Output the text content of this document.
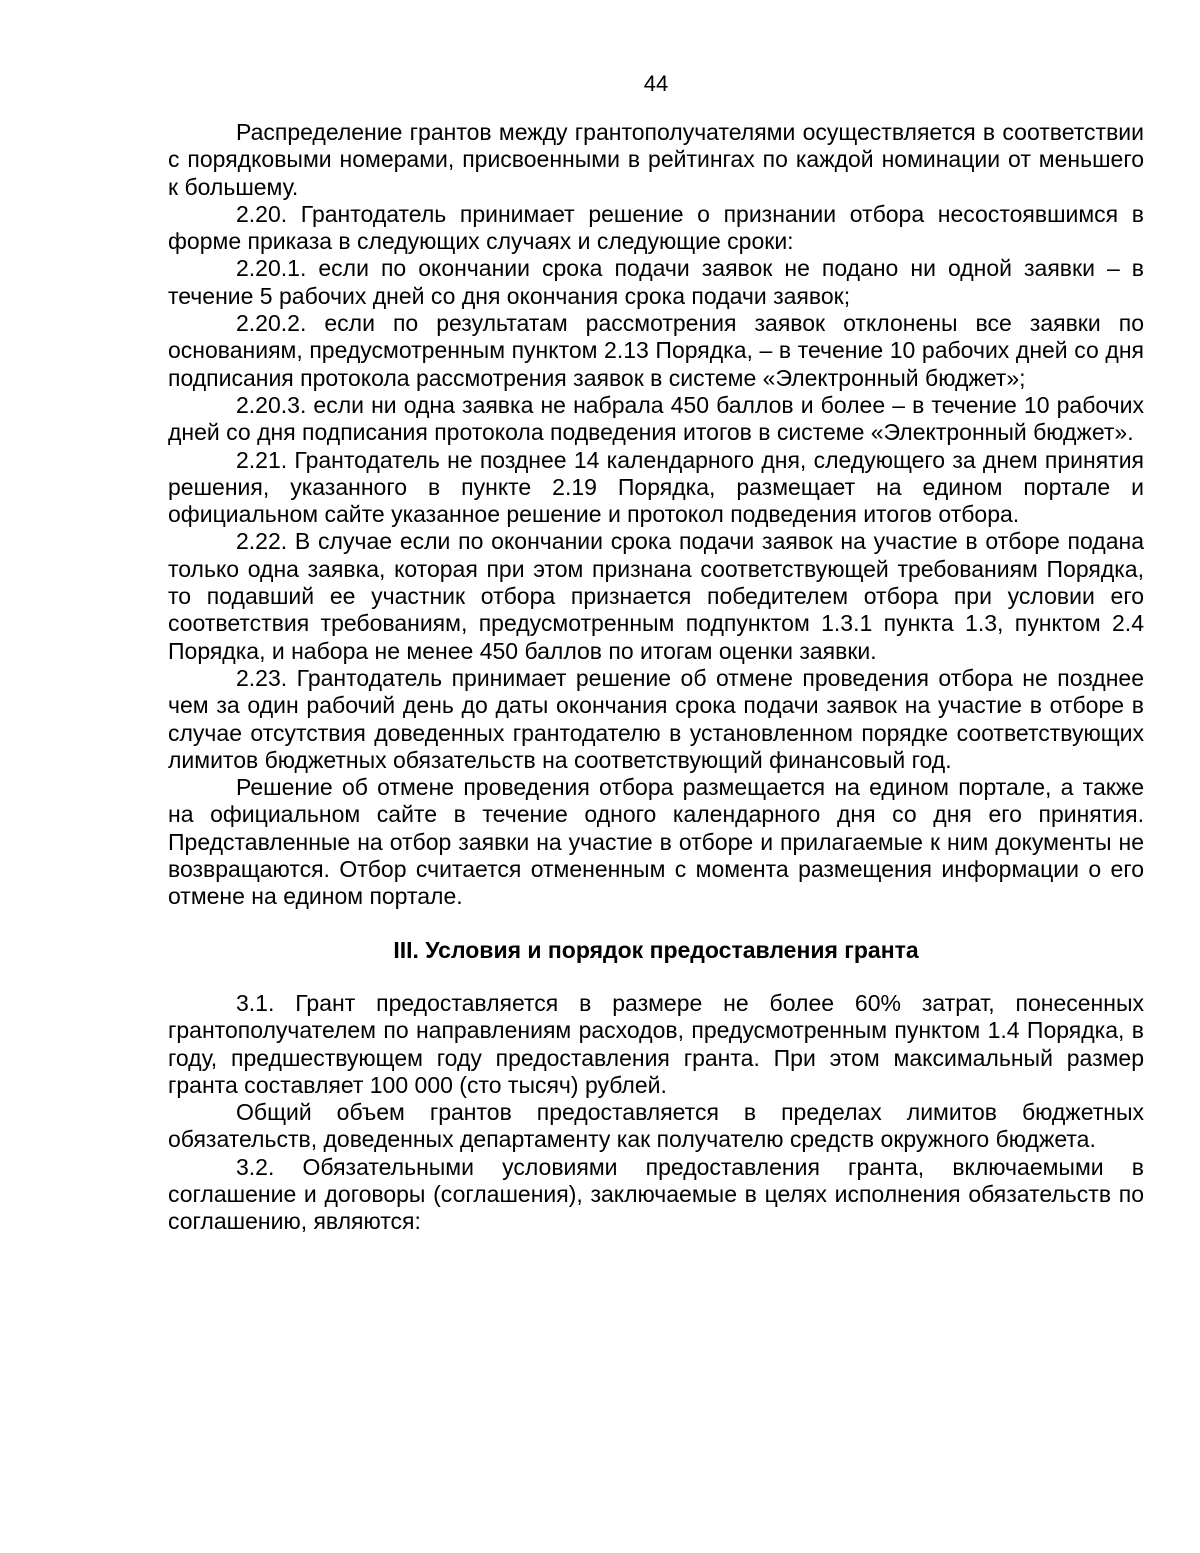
44

Распределение грантов между грантополучателями осуществляется в соответствии с порядковыми номерами, присвоенными в рейтингах по каждой номинации от меньшего к большему.

2.20. Грантодатель принимает решение о признании отбора несостоявшимся в форме приказа в следующих случаях и следующие сроки:

2.20.1. если по окончании срока подачи заявок не подано ни одной заявки – в течение 5 рабочих дней со дня окончания срока подачи заявок;

2.20.2. если по результатам рассмотрения заявок отклонены все заявки по основаниям, предусмотренным пунктом 2.13 Порядка, – в течение 10 рабочих дней со дня подписания протокола рассмотрения заявок в системе «Электронный бюджет»;

2.20.3. если ни одна заявка не набрала 450 баллов и более – в течение 10 рабочих дней со дня подписания протокола подведения итогов в системе «Электронный бюджет».

2.21. Грантодатель не позднее 14 календарного дня, следующего за днем принятия решения, указанного в пункте 2.19 Порядка, размещает на едином портале и официальном сайте указанное решение и протокол подведения итогов отбора.

2.22. В случае если по окончании срока подачи заявок на участие в отборе подана только одна заявка, которая при этом признана соответствующей требованиям Порядка, то подавший ее участник отбора признается победителем отбора при условии его соответствия требованиям, предусмотренным подпунктом 1.3.1 пункта 1.3, пунктом 2.4 Порядка, и набора не менее 450 баллов по итогам оценки заявки.

2.23. Грантодатель принимает решение об отмене проведения отбора не позднее чем за один рабочий день до даты окончания срока подачи заявок на участие в отборе в случае отсутствия доведенных грантодателю в установленном порядке соответствующих лимитов бюджетных обязательств на соответствующий финансовый год.

Решение об отмене проведения отбора размещается на едином портале, а также на официальном сайте в течение одного календарного дня со дня его принятия. Представленные на отбор заявки на участие в отборе и прилагаемые к ним документы не возвращаются. Отбор считается отмененным с момента размещения информации о его отмене на едином портале.

III. Условия и порядок предоставления гранта

3.1. Грант предоставляется в размере не более 60% затрат, понесенных грантополучателем по направлениям расходов, предусмотренным пунктом 1.4 Порядка, в году, предшествующем году предоставления гранта. При этом максимальный размер гранта составляет 100 000 (сто тысяч) рублей.

Общий объем грантов предоставляется в пределах лимитов бюджетных обязательств, доведенных департаменту как получателю средств окружного бюджета.

3.2. Обязательными условиями предоставления гранта, включаемыми в соглашение и договоры (соглашения), заключаемые в целях исполнения обязательств по соглашению, являются:
